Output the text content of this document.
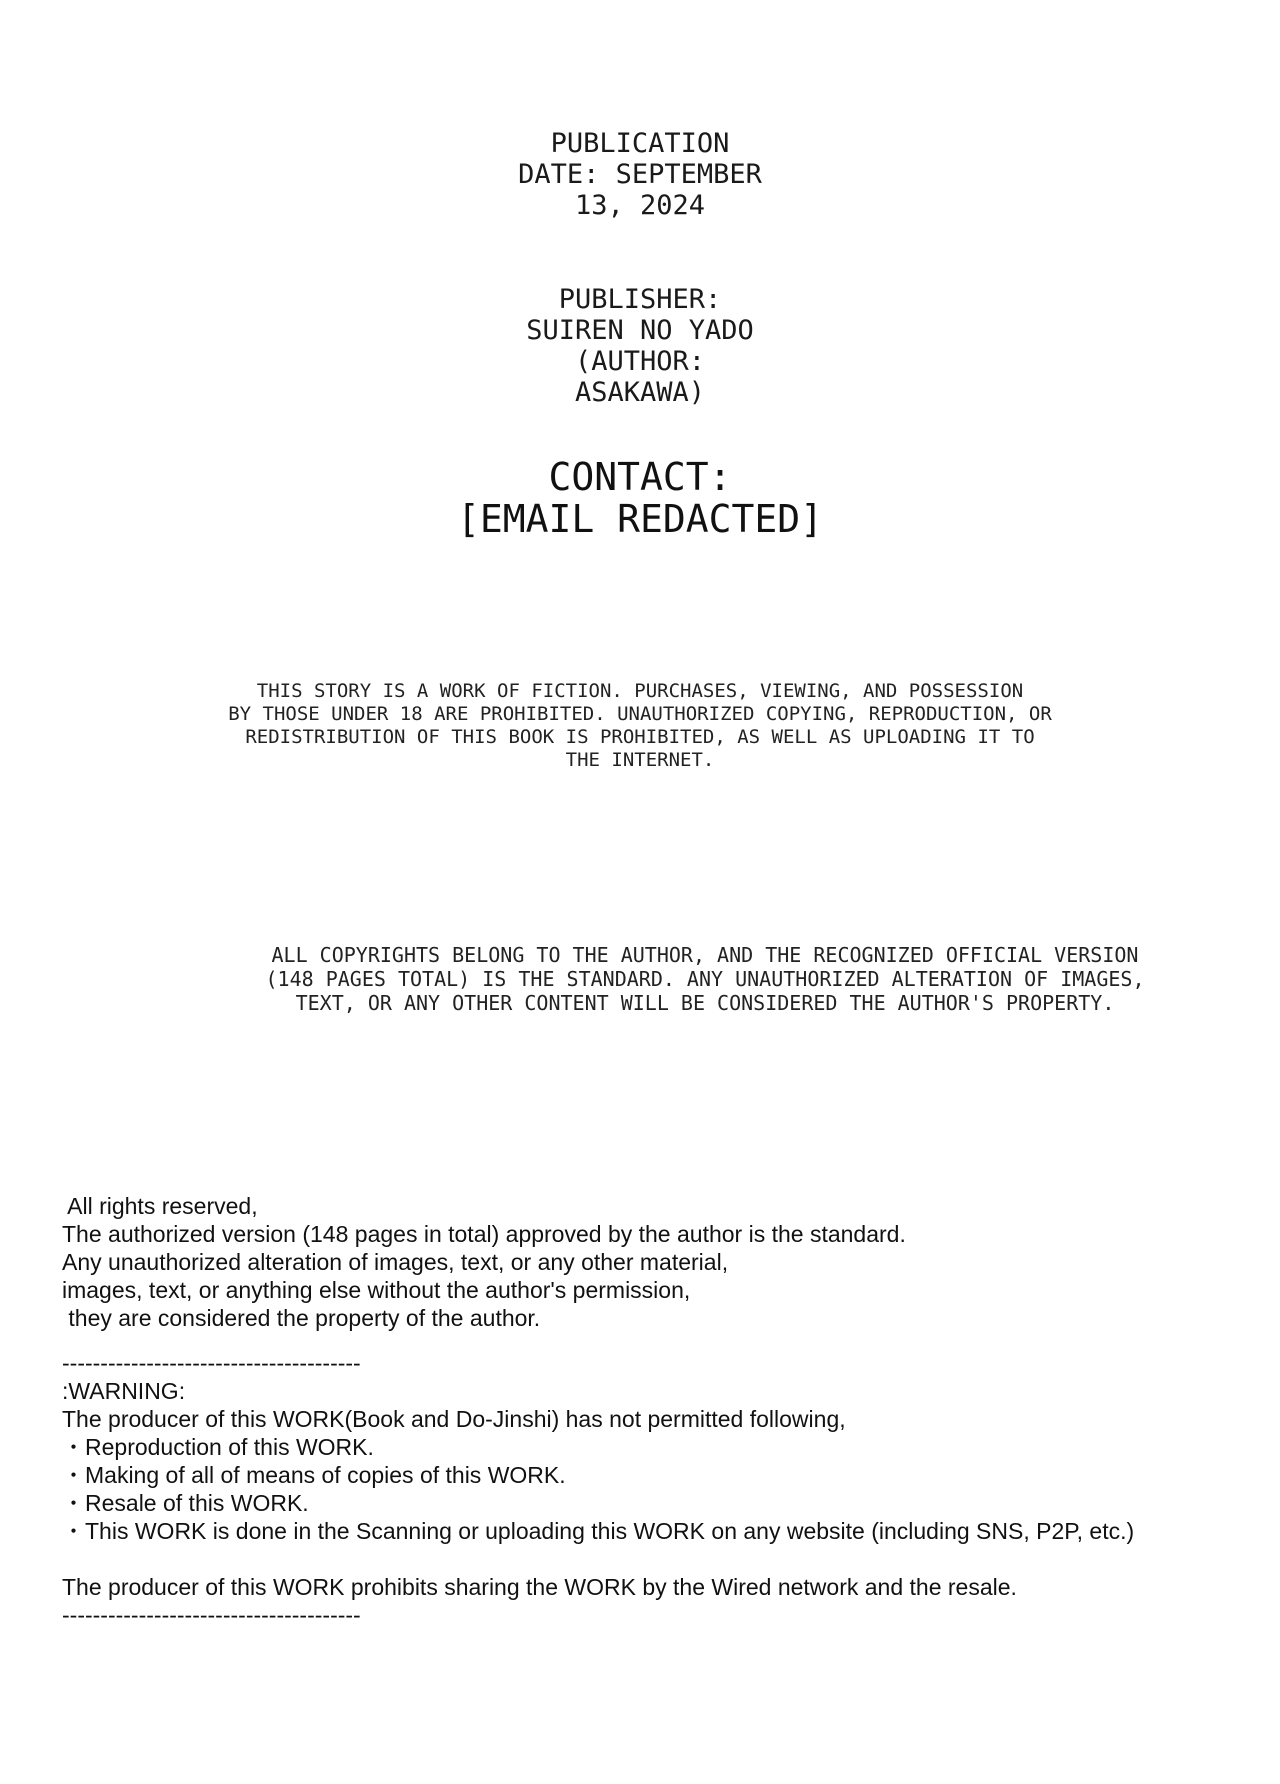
PUBLICATION
DATE: SEPTEMBER
13, 2024
PUBLISHER:
SUIREN NO YADO
(AUTHOR:
ASAKAWA)
CONTACT:
[EMAIL REDACTED]
THIS STORY IS A WORK OF FICTION. PURCHASES, VIEWING, AND POSSESSION
BY THOSE UNDER 18 ARE PROHIBITED. UNAUTHORIZED COPYING, REPRODUCTION, OR
REDISTRIBUTION OF THIS BOOK IS PROHIBITED, AS WELL AS UPLOADING IT TO
THE INTERNET.
ALL COPYRIGHTS BELONG TO THE AUTHOR, AND THE RECOGNIZED OFFICIAL VERSION
(148 PAGES TOTAL) IS THE STANDARD. ANY UNAUTHORIZED ALTERATION OF IMAGES,
TEXT, OR ANY OTHER CONTENT WILL BE CONSIDERED THE AUTHOR'S PROPERTY.
All rights reserved,
The authorized version (148 pages in total) approved by the author is the standard.
Any unauthorized alteration of images, text, or any other material,
images, text, or anything else without the author's permission,
they are considered the property of the author.
---------------------------------------
:WARNING:
The producer of this WORK(Book and Do-Jinshi) has not permitted following,
・Reproduction of this WORK.
・Making of all of means of copies of this WORK.
・Resale of this WORK.
・This WORK is done in the Scanning or uploading this WORK on any website (including SNS, P2P, etc.)
The producer of this WORK prohibits sharing the WORK by the Wired network and the resale.
---------------------------------------
